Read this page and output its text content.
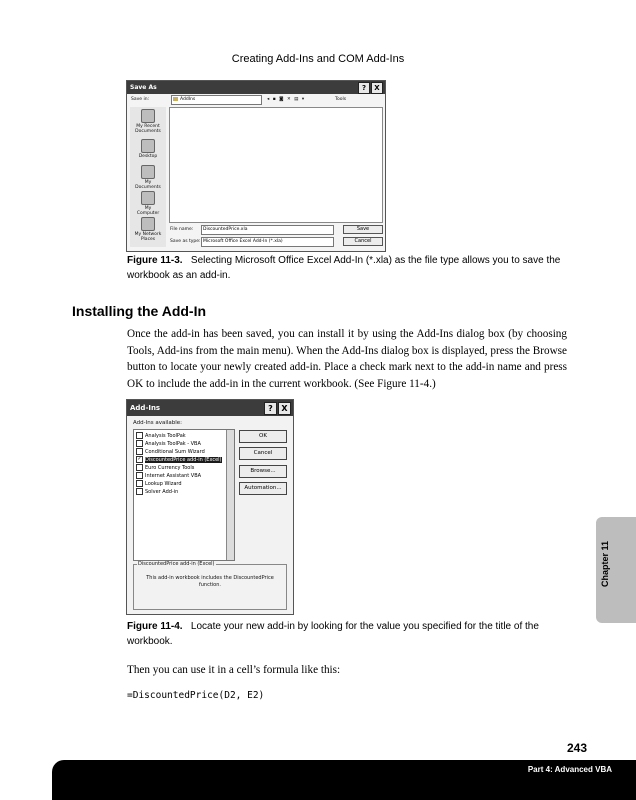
Creating Add-Ins and COM Add-Ins
Save As	?	X
Save in:	AddIns	◂ ▪ ◙ ✕ ▤ ▾	Tools
My Recent Documents
Desktop
My Documents
My Computer
My Network Places
File name:	DiscountedPrice.xla
Save as type: Microsoft Office Excel Add-In (*.xla)
Save
Cancel
Figure 11-3. Selecting Microsoft Office Excel Add-In (*.xla) as the file type allows you to save the workbook as an add-in.
Installing the Add-In
Once the add-in has been saved, you can install it by using the Add-Ins dialog box (by choosing Tools, Add-ins from the main menu). When the Add-Ins dialog box is displayed, press the Browse button to locate your newly created add-in. Place a check mark next to the add-in name and press OK to include the add-in in the current workbook. (See Figure 11-4.)
Add-Ins	?	X
Add-Ins available:
Analysis ToolPak
Analysis ToolPak - VBA
Conditional Sum Wizard
✓ DiscountedPrice add-in (Excel)
Euro Currency Tools
Internet Assistant VBA
Lookup Wizard
Solver Add-in
OK
Cancel
Browse...
Automation...
DiscountedPrice add-in (Excel)
This add-in workbook includes the DiscountedPrice function.	Chapter 11
Figure 11-4. Locate your new add-in by looking for the value you specified for the title of the workbook.
Then you can use it in a cell’s formula like this:
=DiscountedPrice(D2, E2)
243
Part 4: Advanced VBA
